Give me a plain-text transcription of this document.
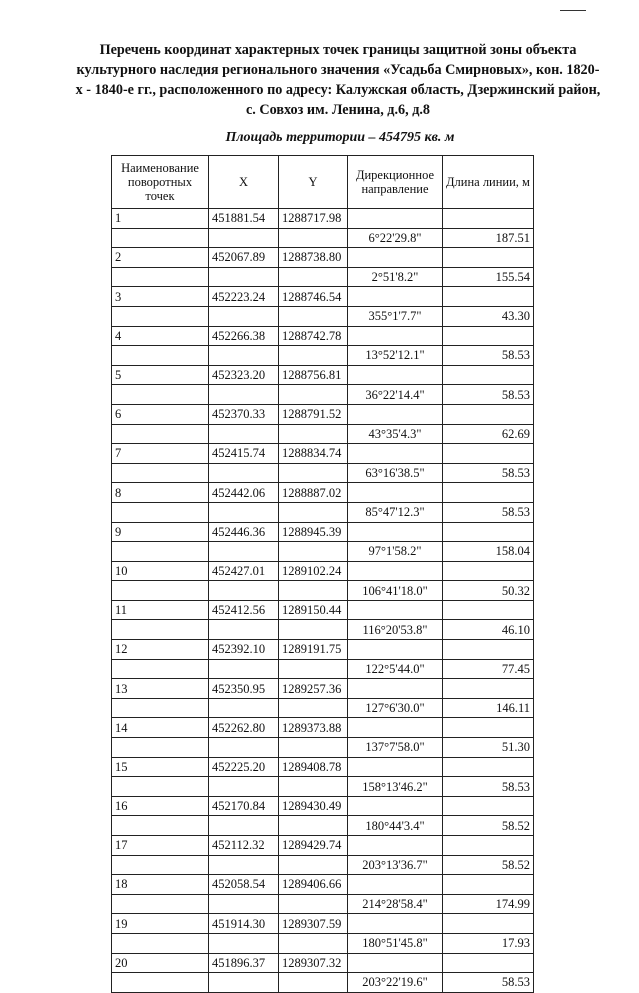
Перечень координат характерных точек границы защитной зоны объекта
культурного наследия регионального значения «Усадьба Смирновых», кон. 1820-
х - 1840-е гг., расположенного по адресу: Калужская область, Дзержинский район,
с. Совхоз им. Ленина, д.6, д.8
Площадь территории – 454795 кв. м
Наименование поворотных точек	X	Y	Дирекционное направление	Длина линии, м
1	451881.54	1288717.98		
			6°22'29.8"	187.51
2	452067.89	1288738.80		
			2°51'8.2"	155.54
3	452223.24	1288746.54		
			355°1'7.7"	43.30
4	452266.38	1288742.78		
			13°52'12.1"	58.53
5	452323.20	1288756.81		
			36°22'14.4"	58.53
6	452370.33	1288791.52		
			43°35'4.3"	62.69
7	452415.74	1288834.74		
			63°16'38.5"	58.53
8	452442.06	1288887.02		
			85°47'12.3"	58.53
9	452446.36	1288945.39		
			97°1'58.2"	158.04
10	452427.01	1289102.24		
			106°41'18.0"	50.32
11	452412.56	1289150.44		
			116°20'53.8"	46.10
12	452392.10	1289191.75		
			122°5'44.0"	77.45
13	452350.95	1289257.36		
			127°6'30.0"	146.11
14	452262.80	1289373.88		
			137°7'58.0"	51.30
15	452225.20	1289408.78		
			158°13'46.2"	58.53
16	452170.84	1289430.49		
			180°44'3.4"	58.52
17	452112.32	1289429.74		
			203°13'36.7"	58.52
18	452058.54	1289406.66		
			214°28'58.4"	174.99
19	451914.30	1289307.59		
			180°51'45.8"	17.93
20	451896.37	1289307.32		
			203°22'19.6"	58.53
